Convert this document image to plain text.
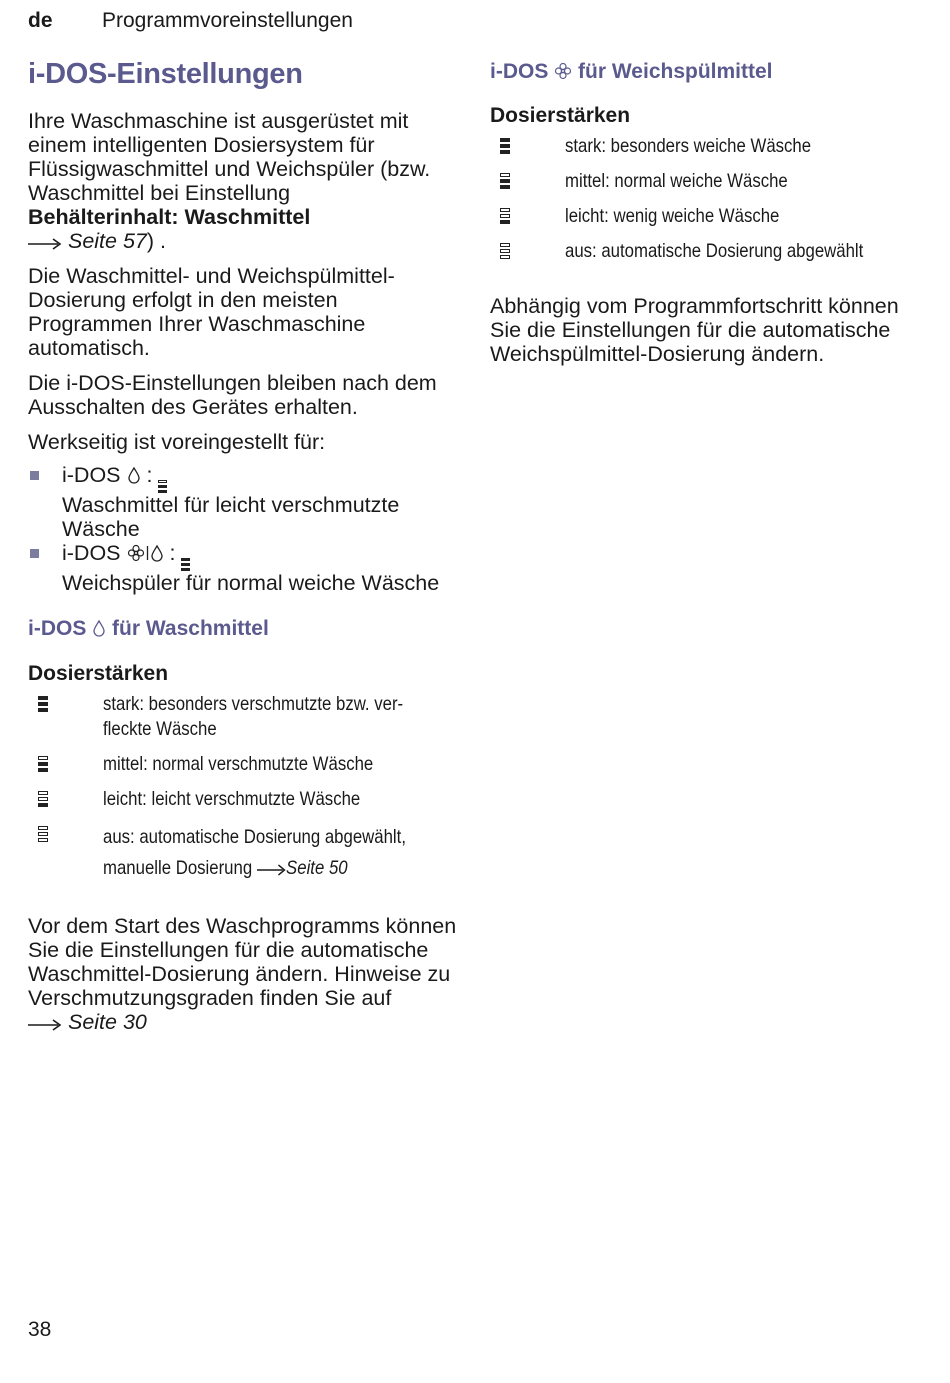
de Programmvoreinstellungen
i-DOS-Einstellungen

Ihre Waschmaschine ist ausgerüstet mit einem intelligenten Dosiersystem für Flüssigwaschmittel und Weichspüler (bzw. Waschmittel bei Einstellung
Behälterinhalt: Waschmittel
Seite 57) .

Die Waschmittel- und Weichspülmittel-Dosierung erfolgt in den meisten Programmen Ihrer Waschmaschine automatisch.

Die i-DOS-Einstellungen bleiben nach dem Ausschalten des Gerätes erhalten.

Werkseitig ist voreingestellt für:

i-DOS  :

Waschmittel für leicht verschmutzte Wäsche
i-DOS  :

Weichspüler für normal weiche Wäsche
i-DOS für Waschmittel
Dosierstärken
stark: besonders verschmutzte bzw. ver-
fleckte Wäsche
mittel: normal verschmutzte Wäsche
leicht: leicht verschmutzte Wäsche
aus: automatische Dosierung abgewählt,
manuelle Dosierung Seite 50

Vor dem Start des Waschprogramms können Sie die Einstellungen für die automatische Waschmittel-Dosierung ändern. Hinweise zu Verschmutzungsgraden finden Sie auf
Seite 30

i-DOS für Weichspülmittel
Dosierstärken
stark: besonders weiche Wäsche
mittel: normal weiche Wäsche
leicht: wenig weiche Wäsche
aus: automatische Dosierung abgewählt

Abhängig vom Programmfortschritt können Sie die Einstellungen für die automatische Weichspülmittel-Dosierung ändern.

38
